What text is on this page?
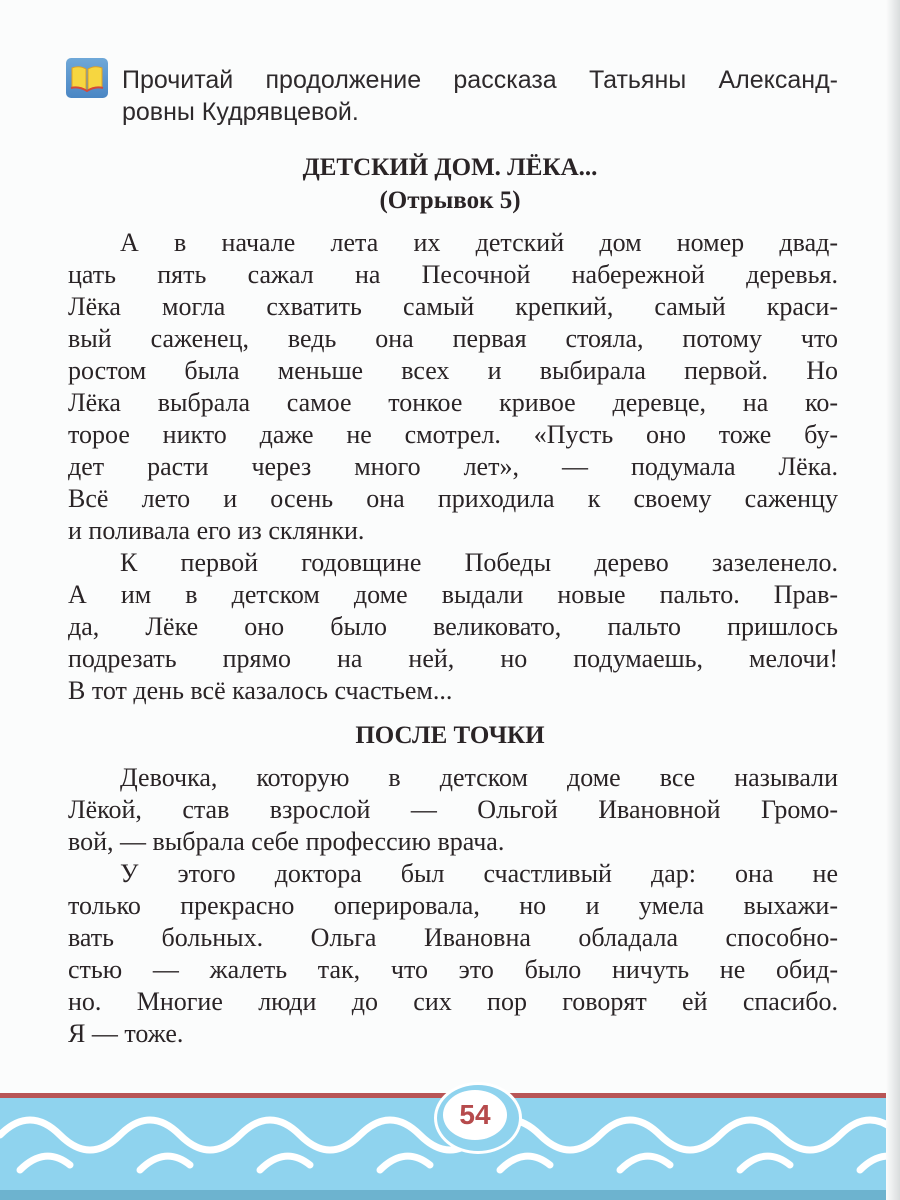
Прочитай продолжение рассказа Татьяны Александ-
ровны Кудрявцевой.
ДЕТСКИЙ ДОМ. ЛЁКА...
(Отрывок 5)
А в начале лета их детский дом номер двад-
цать пять сажал на Песочной набережной деревья.
Лёка могла схватить самый крепкий, самый краси-
вый саженец, ведь она первая стояла, потому что
ростом была меньше всех и выбирала первой. Но
Лёка выбрала самое тонкое кривое деревце, на ко-
торое никто даже не смотрел. «Пусть оно тоже бу-
дет расти через много лет», — подумала Лёка.
Всё лето и осень она приходила к своему саженцу
и поливала его из склянки.
К первой годовщине Победы дерево зазеленело.
А им в детском доме выдали новые пальто. Прав-
да, Лёке оно было великовато, пальто пришлось
подрезать прямо на ней, но подумаешь, мелочи!
В тот день всё казалось счастьем...
ПОСЛЕ ТОЧКИ
Девочка, которую в детском доме все называли
Лёкой, став взрослой — Ольгой Ивановной Громо-
вой, — выбрала себе профессию врача.
У этого доктора был счастливый дар: она не
только прекрасно оперировала, но и умела выхажи-
вать больных. Ольга Ивановна обладала способно-
стью — жалеть так, что это было ничуть не обид-
но. Многие люди до сих пор говорят ей спасибо.
Я — тоже.
54
